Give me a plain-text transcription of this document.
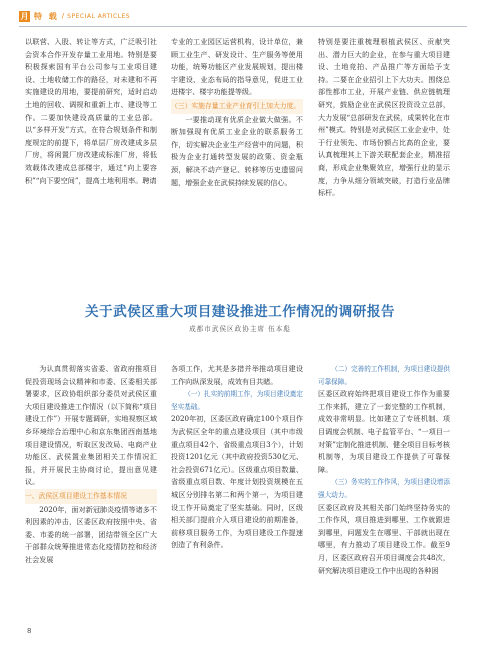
月 特 载 / SPECIAL ARTICLES

以联营、入股、转让等方式，广泛吸引社会资本合作开发存量工业用地。特别是要积极探索国有平台公司参与工业项目建设、土地收储工作的路径，对未建和不再实施建设的用地，要提前研究，适时启动土地的回收、调规和重新上市、建设等工作。二要加快建设高质量的工业总部。以“多样开发”方式，在符合规划条件和制度规定的前提下，将单层厂房改建成多层厂房，将闲置厂房改建成标准厂房，将低效载体改建成总部楼宇，通过“向上要容积”“向下要空间”，提高土地利用率。聘请

专业的工业园区运营机构，设计单位，兼顾工业生产、研发设计、生产服务等使用功能，统筹功能区产业发展规划，提出楼宇建设、业态布局的指导意见，促进工业进楼宇、楼宇功能提等级。

（三）实施存量工业产业育引上加大力度。

一要推动现有优质企业做大做强。不断加强现有优质工业企业的联系服务工作，切实解决企业生产经营中的问题，积极为企业打通转型发展的政策、资金瓶颈，解决不动产登记、转移等历史遗留问题，增强企业在武侯持续发展的信心。

特别是要注重梳理根植武侯区、贡献突出、潜力巨大的企业，在参与重大项目建设、土地竞拍、产品推广等方面给予支持。二要在企业招引上下大功夫。围绕总部性都市工业，开展产业链、供应链梳理研究，鼓励企业在武侯区投资设立总部，大力发展“总部研发在武侯，成果转化在市州”模式。特别是对武侯区工业企业中，处于行业领先、市场份额占比高的企业，要认真梳理其上下游关联配套企业，精准招商，形成企业集聚效应，增强行业的显示度，力争从细分领域突破，打造行业品牌标杆。

关于武侯区重大项目建设推进工作情况的调研报告
成都市武侯区政协主席 伍本彪

为认真贯彻落实省委、省政府推项目促投资现场会议精神和市委、区委相关部署要求，区政协组织部分委员对武侯区重大项目建设推进工作情况（以下简称“项目建设工作”）开展专题调研，实地视察区域乡环境综合治理中心和京东集团西南基地项目建设情况，听取区发改局、电商产业功能区、武侯置业集团相关工作情况汇报，并开展民主协商讨论，提出意见建议。

一、武侯区项目建设工作基本情况

2020年，面对新冠肺炎疫情等诸多不利因素的冲击，区委区政府按照中央、省委、市委的统一部署，团结带领全区广大干部群众统筹推进常态化疫情防控和经济社会发展

各项工作，尤其是多措并举推动项目建设工作向纵深发展，成效有目共睹。

（一）扎实的前期工作，为项目建设奠定坚实基础。

2020年初，区委区政府确定100个项目作为武侯区全年的重点建设项目（其中市级重点项目42个、省级重点项目3个），计划投资1201亿元（其中政府投资530亿元、社会投资671亿元）。区级重点项目数量、省级重点项目数、年度计划投资规模在五城区分别排名第二和两个第一，为项目建设工作开局奠定了坚实基础。同时，区级相关部门提前介入项目建设的前期准备，前移项目服务工作，为项目建设工作提速创造了有利条件。

（二）完善的工作机制，为项目建设提供可靠保障。

区委区政府始终把项目建设工作作为重要工作来抓，建立了一套完整的工作机制，成效非常明显。比如建立了专班机制、项目调度会机制、电子监管平台、“一项目一对策”定制化推进机制、健全项目目标考核机制等，为项目建设工作提供了可靠保障。

（三）务实的工作作风，为项目建设增添强大动力。

区委区政府及其相关部门始终坚持务实的工作作风，项目推进到哪里、工作就跟进到哪里，问题发生在哪里、干部就出现在哪里，有力推动了项目建设工作。截至9月，区委区政府召开项目调度会共48次，研究解决项目建设工作中出现的各种困

8
